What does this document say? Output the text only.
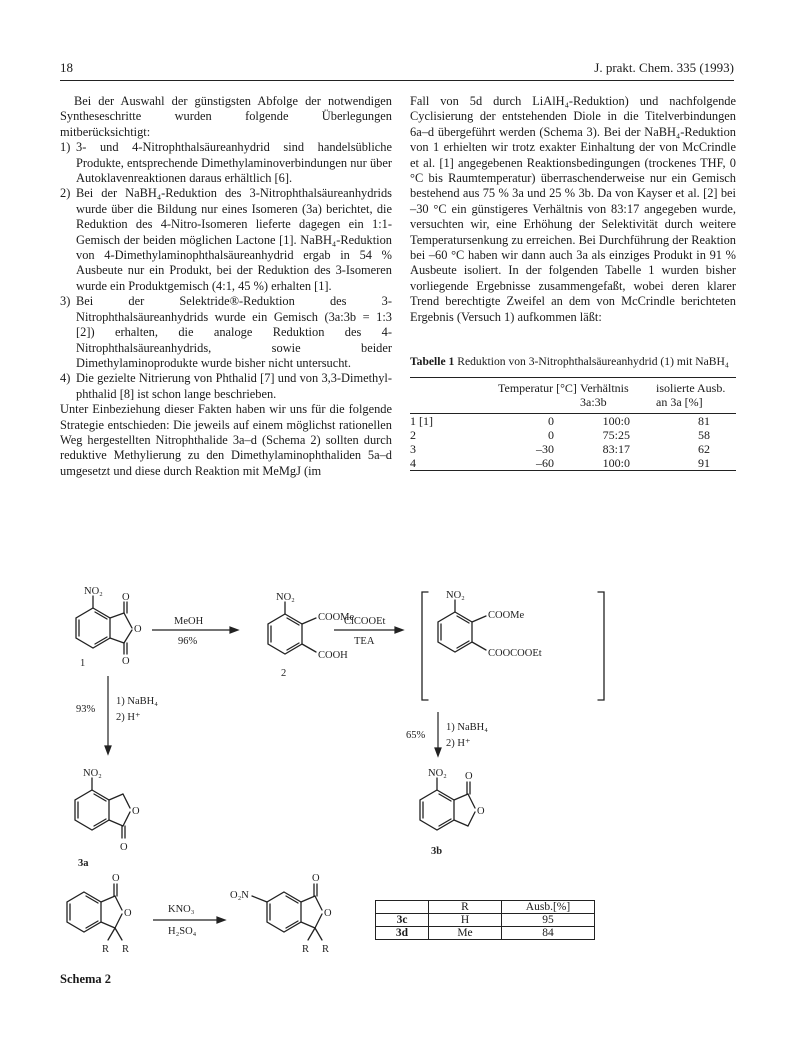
18	J. prakt. Chem. 335 (1993)

Bei der Auswahl der günstigsten Abfolge der notwendigen Syntheseschritte wurden folgende Überlegungen mitberücksichtigt:

1) 3- und 4-Nitrophthalsäureanhydrid sind handelsübliche Produkte, entsprechende Dimethylaminoverbindungen nur über Autoklavenreaktionen daraus erhältlich [6].
2) Bei der NaBH₄-Reduktion des 3-Nitrophthalsäureanhydrids wurde über die Bildung nur eines Isomeren (3a) berichtet, die Reduktion des 4-Nitro-Isomeren lieferte dagegen ein 1:1-Gemisch der beiden möglichen Lactone [1]. NaBH₄-Reduktion von 4-Dimethylaminophthalsäureanhydrid ergab in 54 % Ausbeute nur ein Produkt, bei der Reduktion des 3-Isomeren wurde ein Produktgemisch (4:1, 45 %) erhalten [1].
3) Bei der Selektride®-Reduktion des 3-Nitrophthalsäureanhydrids wurde ein Gemisch (3a:3b = 1:3 [2]) erhalten, die analoge Reduktion des 4-Nitrophthalsäureanhydrids, sowie beider Dimethylaminoprodukte wurde bisher nicht untersucht.
4) Die gezielte Nitrierung von Phthalid [7] und von 3,3-Dimethyl-phthalid [8] ist schon lange beschrieben.

Unter Einbeziehung dieser Fakten haben wir uns für die folgende Strategie entschieden: Die jeweils auf einem möglichst rationellen Weg hergestellten Nitrophthalide 3a–d (Schema 2) sollten durch reduktive Methylierung zu den Dimethylaminophthaliden 5a–d umgesetzt und diese durch Reaktion mit MeMgJ (im

Fall von 5d durch LiAlH₄-Reduktion) und nachfolgende Cyclisierung der entstehenden Diole in die Titelverbindungen 6a–d übergeführt werden (Schema 3). Bei der NaBH₄-Reduktion von 1 erhielten wir trotz exakter Einhaltung der von McCrindle et al. [1] angegebenen Reaktionsbedingungen (trockenes THF, 0 °C bis Raumtemperatur) überraschenderweise nur ein Gemisch bestehend aus 75 % 3a und 25 % 3b. Da von Kayser et al. [2] bei –30 °C ein günstigeres Verhältnis von 83:17 angegeben wurde, versuchten wir, eine Erhöhung der Selektivität durch weitere Temperatursenkung zu erreichen. Bei Durchführung der Reaktion bei –60 °C haben wir dann auch 3a als einziges Produkt in 91 % Ausbeute isoliert. In der folgenden Tabelle 1 wurden bisher vorliegende Ergebnisse zusammengefaßt, wobei deren klarer Trend berechtigte Zweifel an dem von McCrindle berichteten Ergebnis (Versuch 1) aufkommen läßt:

Tabelle 1 Reduktion von 3-Nitrophthalsäureanhydrid (1) mit NaBH₄
	Temperatur [°C]	Verhältnis 3a:3b	isolierte Ausb. an 3a [%]
1 [1]	0	100:0	81
2	0	75:25	58
3	–30	83:17	62
4	–60	100:0	91
NO₂
O
O
O
1
MeOH
96%
NO₂
COOMe
COOH
2
ClCOOEt
TEA
NO₂
COOMe
COOCOOEt
1) NaBH₄
2) H⁺
93%
1) NaBH₄
2) H⁺
65%
NO₂
O
O
3a
NO₂ O
O
3b
O
O
R R
KNO₃
H₂SO₄
O₂N
O
O
R R
	R	Ausb.[%]
3c	H	95
3d	Me	84
Schema 2
